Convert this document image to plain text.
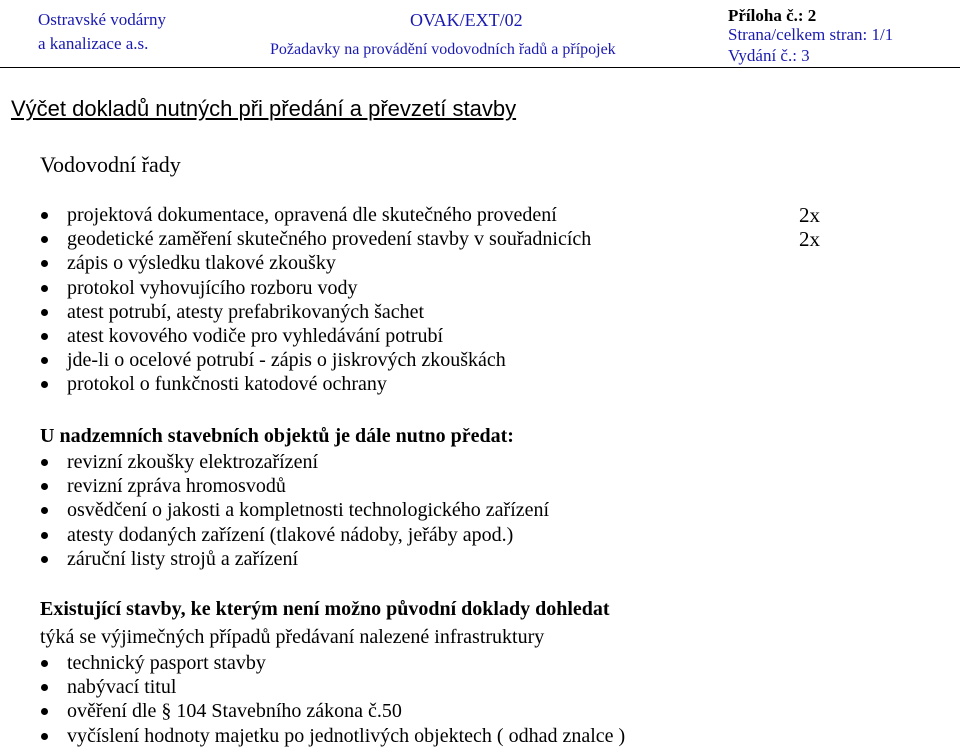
Ostravské vodárny
a kanalizace a.s.
OVAK/EXT/02
Požadavky na provádění vodovodních řadů a přípojek
Příloha č.: 2
Strana/celkem stran: 1/1
Vydání č.: 3
Výčet dokladů nutných při předání a převzetí stavby
Vodovodní řady
projektová dokumentace, opravená dle skutečného provedení	2x
geodetické zaměření skutečného provedení stavby v souřadnicích	2x
zápis o výsledku tlakové zkoušky
protokol vyhovujícího rozboru vody
atest potrubí, atesty prefabrikovaných šachet
atest kovového vodiče pro vyhledávání potrubí
jde-li o ocelové potrubí - zápis o jiskrových zkouškách
protokol o funkčnosti katodové ochrany
U nadzemních stavebních objektů je dále nutno předat:
revizní zkoušky elektrozařízení
revizní zpráva hromosvodů
osvědčení o jakosti a kompletnosti technologického zařízení
atesty dodaných zařízení (tlakové nádoby, jeřáby apod.)
záruční listy strojů a zařízení
Existující stavby, ke kterým není možno původní doklady dohledat
týká se výjimečných případů předávaní nalezené infrastruktury
technický pasport stavby
nabývací titul
ověření dle § 104 Stavebního zákona č.50
vyčíslení hodnoty majetku po jednotlivých objektech ( odhad znalce )
